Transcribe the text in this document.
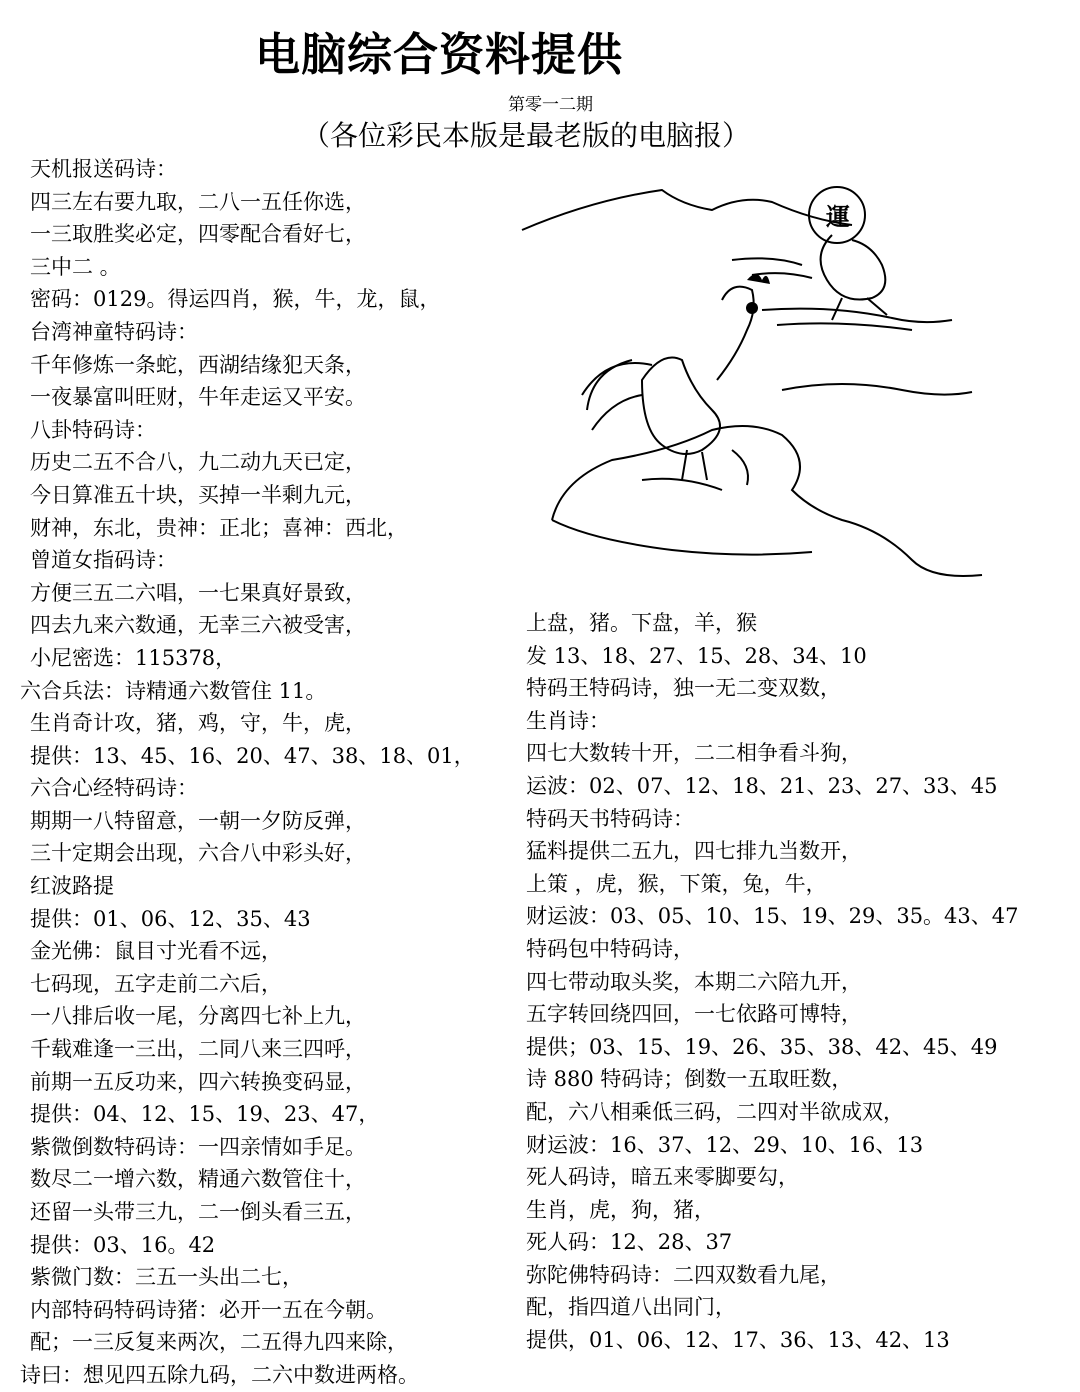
电脑综合资料提供
第零一二期
（各位彩民本版是最老版的电脑报）
天机报送码诗：
四三左右要九取，二八一五任你选，
一三取胜奖必定，四零配合看好七，
三中二 。
密码：0129。得运四肖，猴，牛，龙，鼠，
台湾神童特码诗：
千年修炼一条蛇，西湖结缘犯天条，
一夜暴富叫旺财，牛年走运又平安。
八卦特码诗：
历史二五不合八，九二动九天已定，
今日算准五十块，买掉一半剩九元，
财神，东北，贵神：正北；喜神：西北，
曾道女指码诗：
方便三五二六唱，一七果真好景致，
四去九来六数通，无幸三六被受害，
小尼密选：115378，
六合兵法：诗精通六数管住 11。
生肖奇计攻，猪，鸡，守，牛，虎，
提供：13、45、16、20、47、38、18、01，
六合心经特码诗：
期期一八特留意，一朝一夕防反弹，
三十定期会出现，六合八中彩头好，
红波路提
提供：01、06、12、35、43
金光佛：鼠目寸光看不远，
七码现，五字走前二六后，
一八排后收一尾，分离四七补上九，
千载难逢一三出，二同八来三四呼，
前期一五反功来，四六转换变码显，
提供：04、12、15、19、23、47，
紫微倒数特码诗：一四亲情如手足。
数尽二一增六数，精通六数管住十，
还留一头带三九，二一倒头看三五，
提供：03、16。42
紫微门数：三五一头出二七，
内部特码特码诗猪：必开一五在今朝。
配；一三反复来两次，二五得九四来除，
诗曰：想见四五除九码，二六中数进两格。
運
上盘，猪。下盘，羊，猴
发 13、18、27、15、28、34、10
特码王特码诗，独一无二变双数，
生肖诗：
四七大数转十开，二二相争看斗狗，
运波：02、07、12、18、21、23、27、33、45
特码天书特码诗：
猛料提供二五九，四七排九当数开，
上策 ，虎，猴，下策，兔，牛，
财运波：03、05、10、15、19、29、35。43、47
特码包中特码诗，
四七带动取头奖，本期二六陪九开，
五字转回绕四回，一七依路可博特，
提供；03、15、19、26、35、38、42、45、49
诗 880 特码诗；倒数一五取旺数，
配，六八相乘低三码，二四对半欲成双，
财运波：16、37、12、29、10、16、13
死人码诗，暗五来零脚要勾，
生肖，虎，狗，猪，
死人码：12、28、37
弥陀佛特码诗：二四双数看九尾，
配，指四道八出同门，
提供，01、06、12、17、36、13、42、13
